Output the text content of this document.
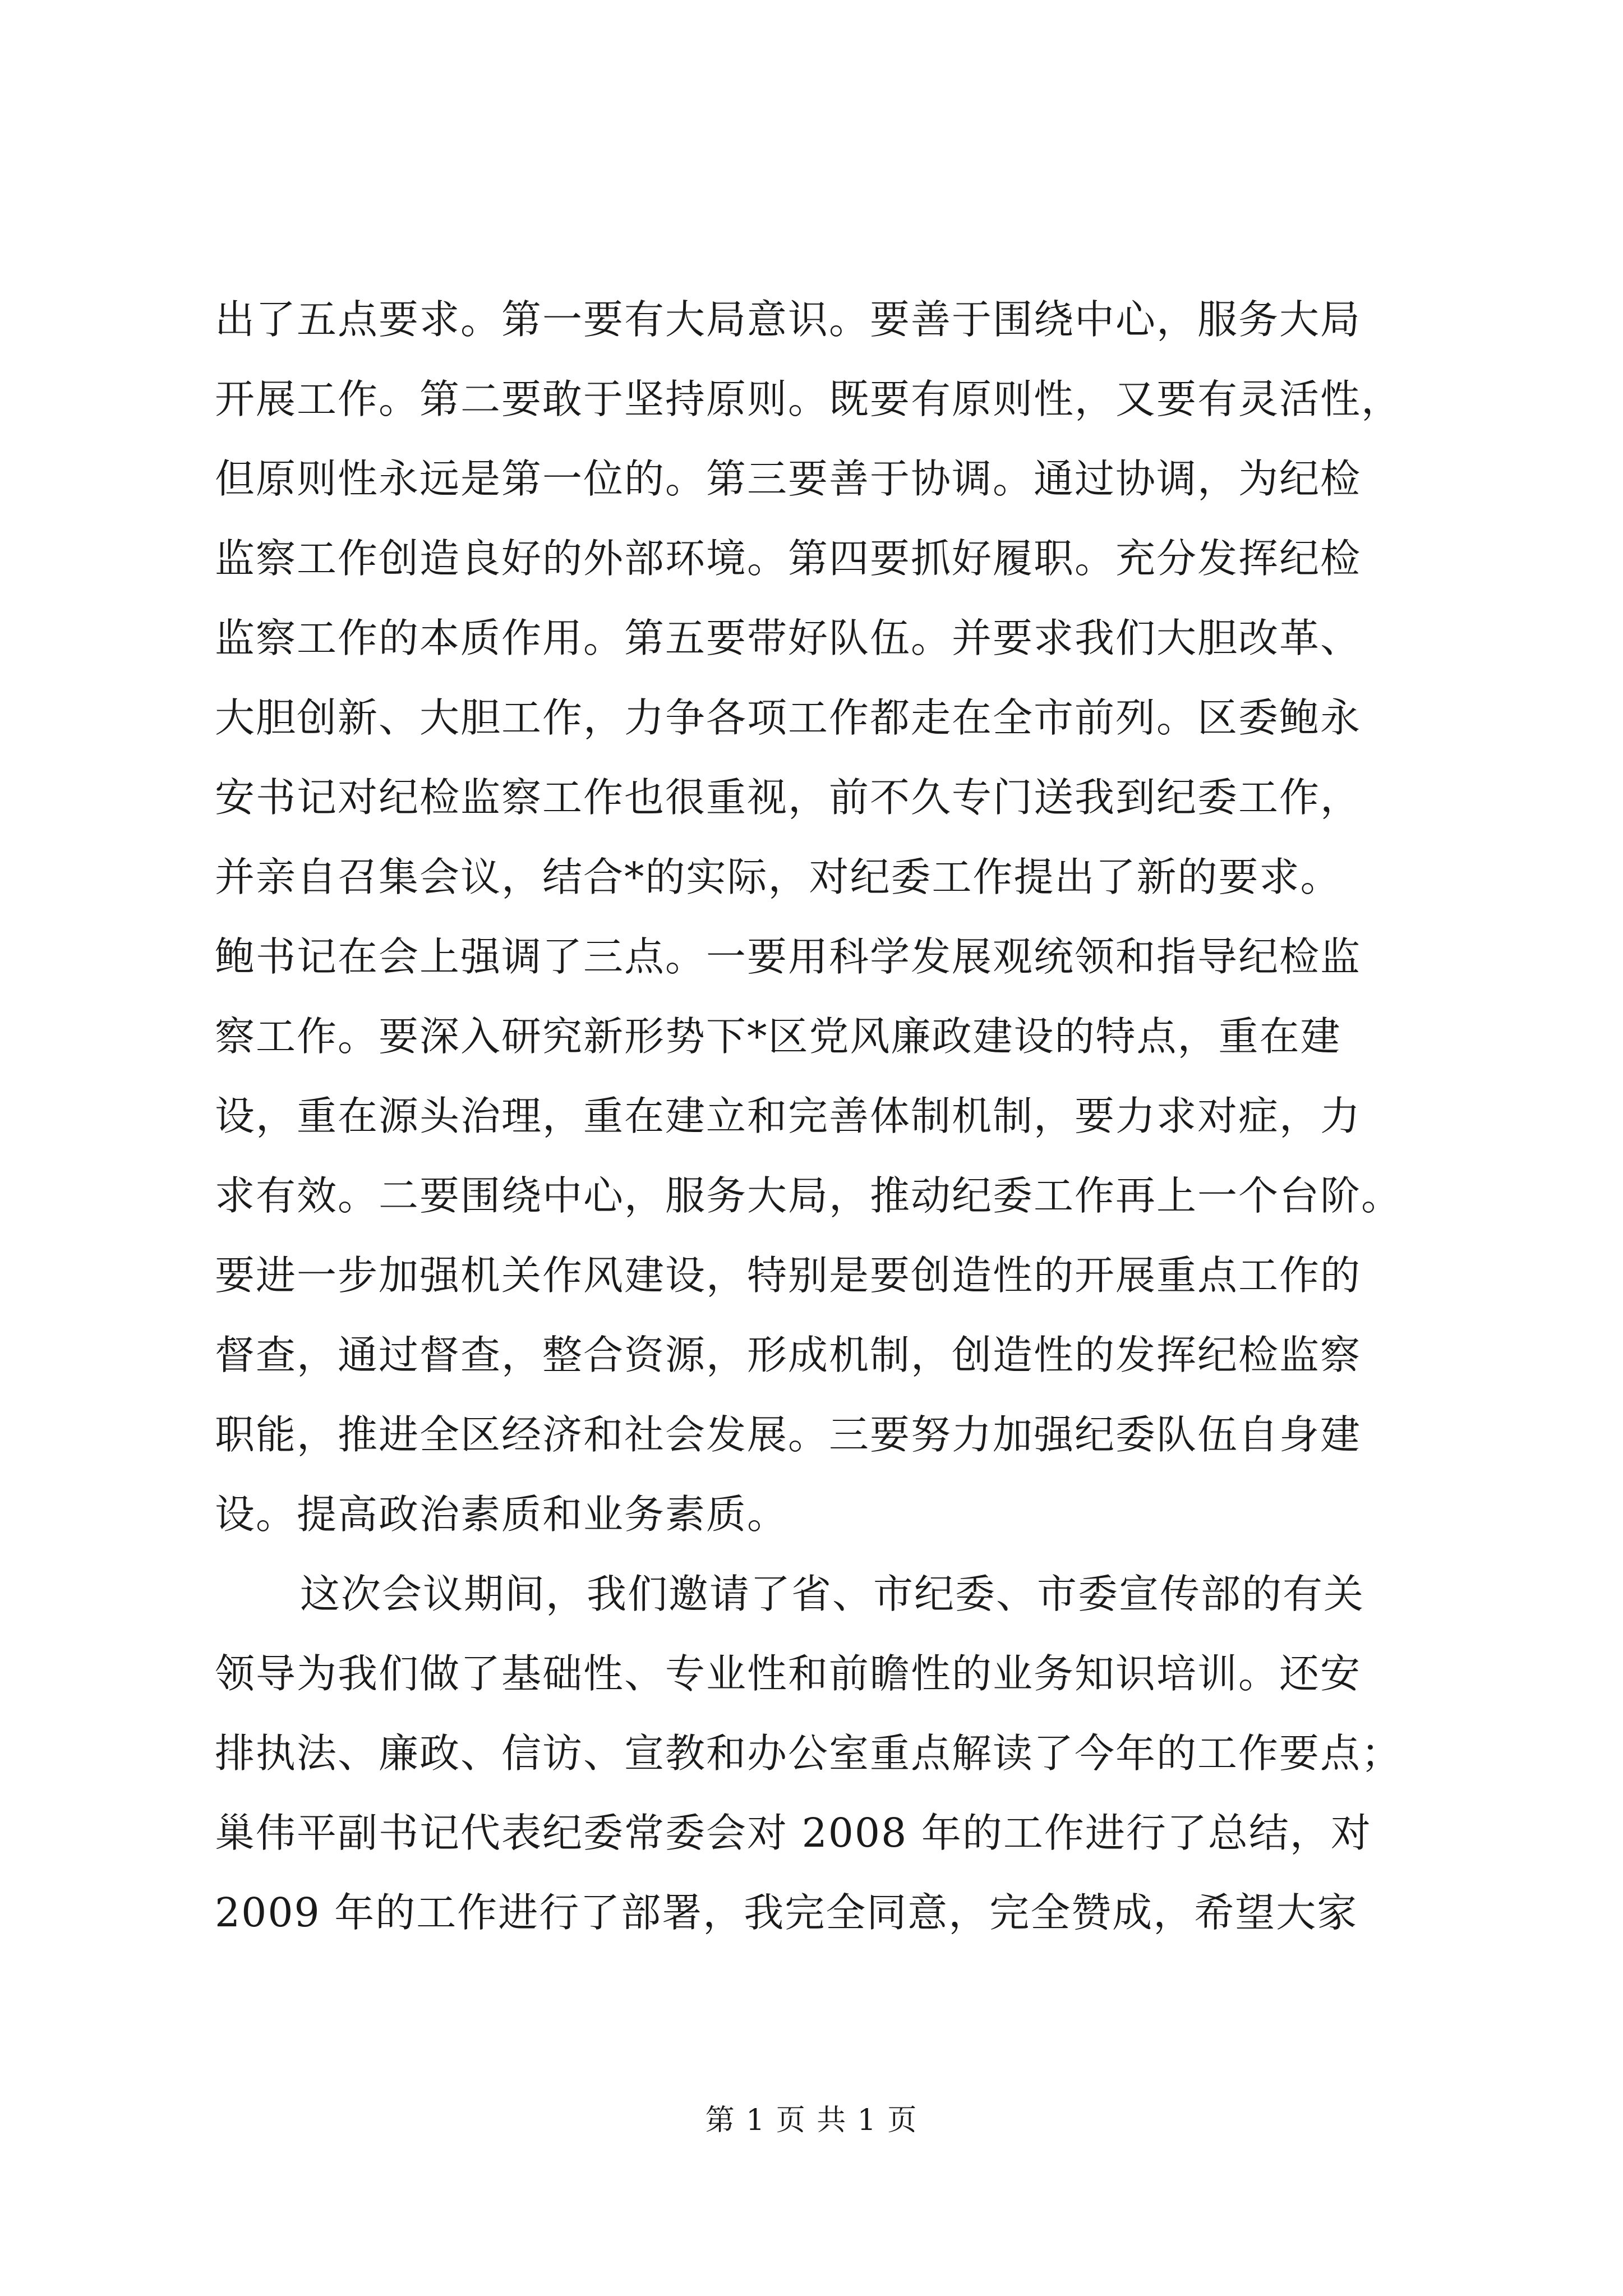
出了五点要求。第一要有大局意识。要善于围绕中心，服务大局
开展工作。第二要敢于坚持原则。既要有原则性，又要有灵活性，
但原则性永远是第一位的。第三要善于协调。通过协调，为纪检
监察工作创造良好的外部环境。第四要抓好履职。充分发挥纪检
监察工作的本质作用。第五要带好队伍。并要求我们大胆改革、
大胆创新、大胆工作，力争各项工作都走在全市前列。区委鲍永
安书记对纪检监察工作也很重视，前不久专门送我到纪委工作，
并亲自召集会议，结合*的实际，对纪委工作提出了新的要求。
鲍书记在会上强调了三点。一要用科学发展观统领和指导纪检监
察工作。要深入研究新形势下*区党风廉政建设的特点，重在建
设，重在源头治理，重在建立和完善体制机制，要力求对症，力
求有效。二要围绕中心，服务大局，推动纪委工作再上一个台阶。
要进一步加强机关作风建设，特别是要创造性的开展重点工作的
督查，通过督查，整合资源，形成机制，创造性的发挥纪检监察
职能，推进全区经济和社会发展。三要努力加强纪委队伍自身建
设。提高政治素质和业务素质。
这次会议期间，我们邀请了省、市纪委、市委宣传部的有关
领导为我们做了基础性、专业性和前瞻性的业务知识培训。还安
排执法、廉政、信访、宣教和办公室重点解读了今年的工作要点；
巢伟平副书记代表纪委常委会对 2008 年的工作进行了总结，对
2009 年的工作进行了部署，我完全同意，完全赞成，希望大家
第 1 页 共 1 页
